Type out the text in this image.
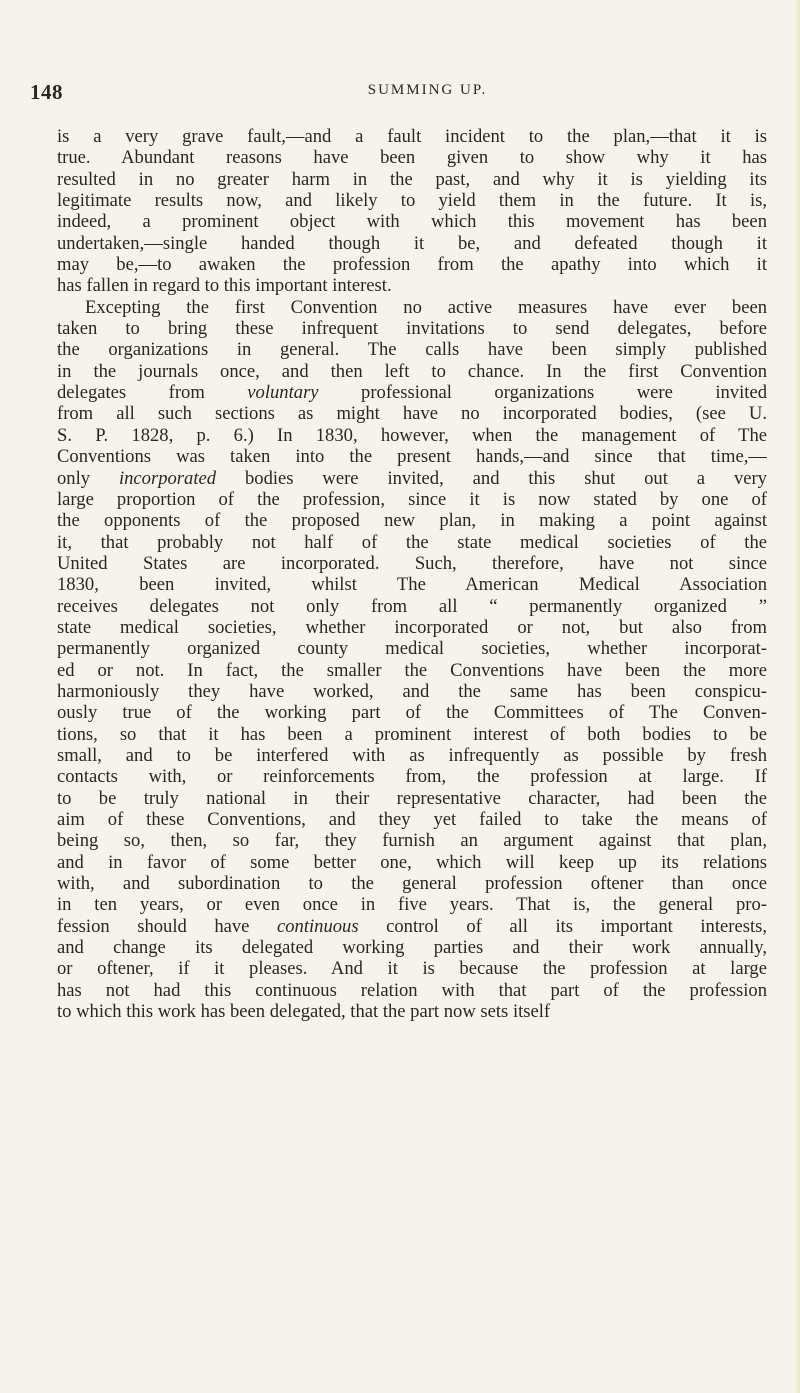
148	SUMMING UP.
is a very grave fault,—and a fault incident to the plan,—that it is
true. Abundant reasons have been given to show why it has
resulted in no greater harm in the past, and why it is yielding its
legitimate results now, and likely to yield them in the future. It is,
indeed, a prominent object with which this movement has been
undertaken,—single handed though it be, and defeated though it
may be,—to awaken the profession from the apathy into which it
has fallen in regard to this important interest.
Excepting the first Convention no active measures have ever been
taken to bring these infrequent invitations to send delegates, before
the organizations in general. The calls have been simply published
in the journals once, and then left to chance. In the first Convention
delegates from voluntary professional organizations were invited
from all such sections as might have no incorporated bodies, (see U.
S. P. 1828, p. 6.) In 1830, however, when the management of The
Conventions was taken into the present hands,—and since that time,—
only incorporated bodies were invited, and this shut out a very
large proportion of the profession, since it is now stated by one of
the opponents of the proposed new plan, in making a point against
it, that probably not half of the state medical societies of the
United States are incorporated. Such, therefore, have not since
1830, been invited, whilst The American Medical Association
receives delegates not only from all “ permanently organized ”
state medical societies, whether incorporated or not, but also from
permanently organized county medical societies, whether incorporat-
ed or not. In fact, the smaller the Conventions have been the more
harmoniously they have worked, and the same has been conspicu-
ously true of the working part of the Committees of The Conven-
tions, so that it has been a prominent interest of both bodies to be
small, and to be interfered with as infrequently as possible by fresh
contacts with, or reinforcements from, the profession at large. If
to be truly national in their representative character, had been the
aim of these Conventions, and they yet failed to take the means of
being so, then, so far, they furnish an argument against that plan,
and in favor of some better one, which will keep up its relations
with, and subordination to the general profession oftener than once
in ten years, or even once in five years. That is, the general pro-
fession should have continuous control of all its important interests,
and change its delegated working parties and their work annually,
or oftener, if it pleases. And it is because the profession at large
has not had this continuous relation with that part of the profession
to which this work has been delegated, that the part now sets itself
